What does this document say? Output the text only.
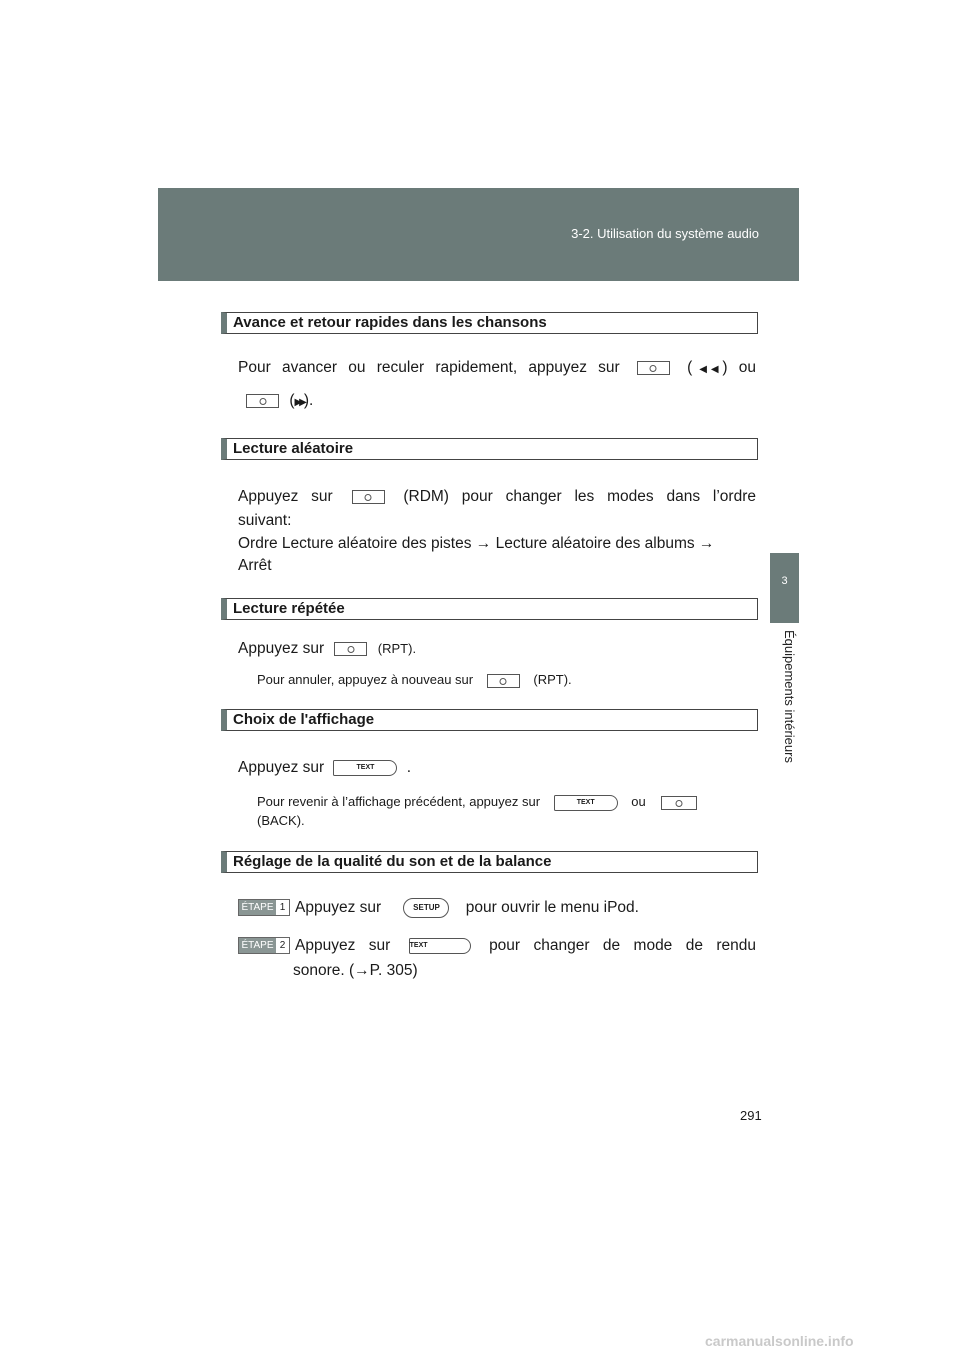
3-2. Utilisation du système audio
3
Équipements intérieurs
Avance et retour rapides dans les chansons
Pour avancer ou reculer rapidement, appuyez sur	(◀◀) ou
(▶▶).
Lecture aléatoire
Appuyez sur	(RDM) pour changer les modes dans l’ordre
suivant:
Ordre Lecture aléatoire des pistes → Lecture aléatoire des albums →
Arrêt
Lecture répétée
Appuyez sur	(RPT).
Pour annuler, appuyez à nouveau sur	(RPT).
Choix de l'affichage
Appuyez sur	TEXT .
Pour revenir à l’affichage précédent, appuyez sur	TEXT	ou
(BACK).
Réglage de la qualité du son et de la balance
ÉTAPE 1 Appuyez sur	SETUP pour ouvrir le menu iPod.
ÉTAPE 2 Appuyez sur	TEXT	pour changer de mode de rendu
sonore. (→P. 305)
291
carmanualsonline.info
